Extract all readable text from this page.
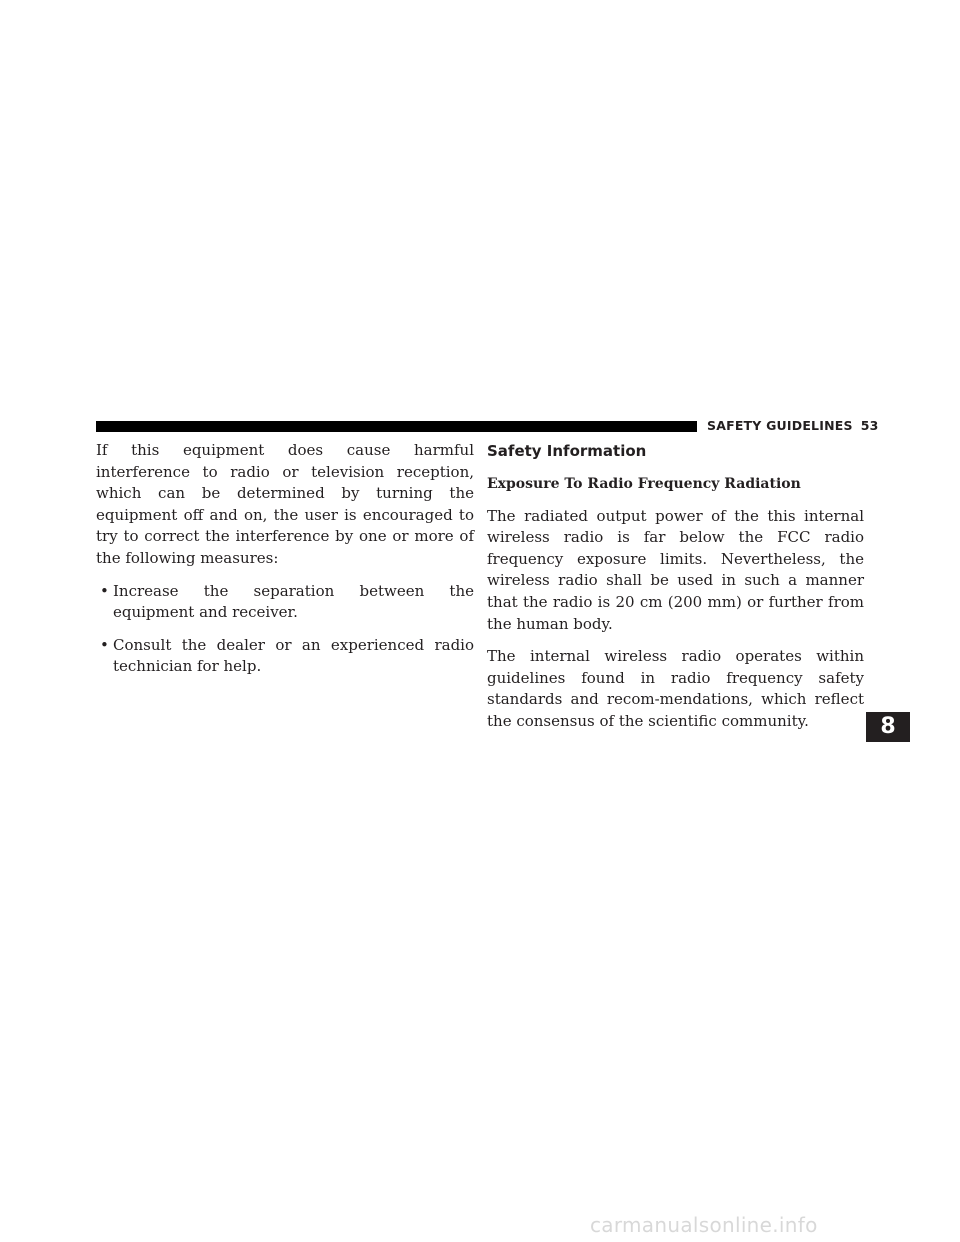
SAFETY GUIDELINES 53

If this equipment does cause harmful interference to radio or television reception, which can be determined by turning the equipment off and on, the user is encouraged to try to correct the interference by one or more of the following measures:

• Increase the separation between the equipment and receiver.
• Consult the dealer or an experienced radio technician for help.
Safety Information
Exposure To Radio Frequency Radiation

The radiated output power of the this internal wireless radio is far below the FCC radio frequency exposure limits. Nevertheless, the wireless radio shall be used in such a manner that the radio is 20 cm (200 mm) or further from the human body.

The internal wireless radio operates within guidelines found in radio frequency safety standards and recom-mendations, which reflect the consensus of the scientific community.	8
carmanualsonline.info
